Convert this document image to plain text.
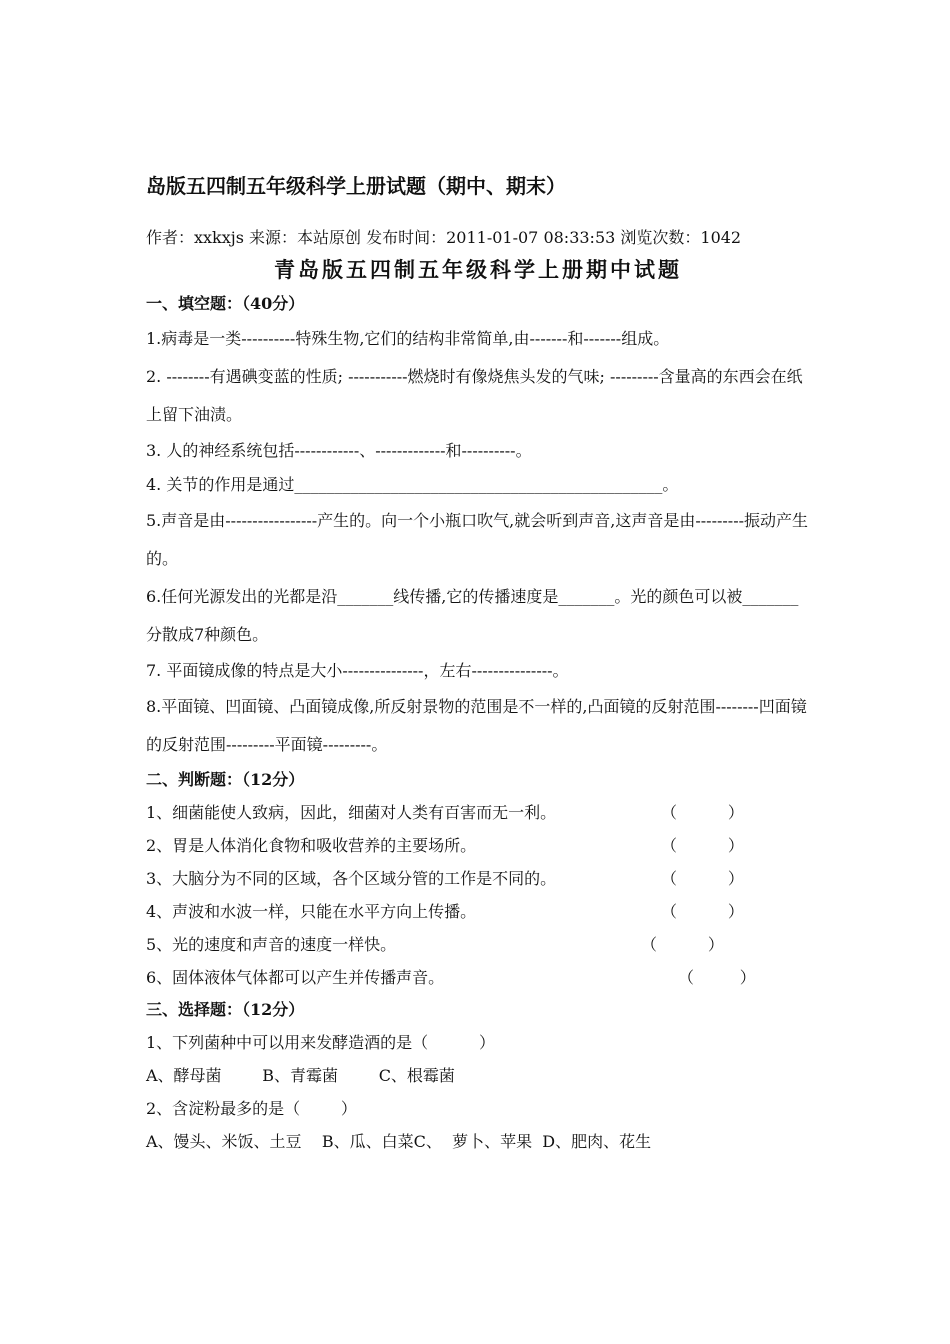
岛版五四制五年级科学上册试题（期中、期末）
作者：xxkxjs 来源：本站原创 发布时间：2011-01-07 08:33:53 浏览次数：1042
青岛版五四制五年级科学上册期中试题
一、填空题：（40分）
1.病毒是一类----------特殊生物,它们的结构非常简单,由-------和-------组成。
2. --------有遇碘变蓝的性质; -----------燃烧时有像烧焦头发的气味; ---------含量高的东西会在纸上留下油渍。
3. 人的神经系统包括------------、-------------和----------。
4. 关节的作用是通过______________________________________________。
5.声音是由-----------------产生的。向一个小瓶口吹气,就会听到声音,这声音是由---------振动产生的。
6.任何光源发出的光都是沿_______线传播,它的传播速度是_______。光的颜色可以被_______分散成7种颜色。
7. 平面镜成像的特点是大小---------------，左右---------------。
8.平面镜、凹面镜、凸面镜成像,所反射景物的范围是不一样的,凸面镜的反射范围--------凹面镜的反射范围---------平面镜---------。
二、判断题：（12分）
1、细菌能使人致病，因此，细菌对人类有百害而无一利。	（          ）
2、胃是人体消化食物和吸收营养的主要场所。	（          ）
3、大脑分为不同的区域，各个区域分管的工作是不同的。	（          ）
4、声波和水波一样，只能在水平方向上传播。	（          ）
5、光的速度和声音的速度一样快。	（          ）
6、固体液体气体都可以产生并传播声音。	（         ）
三、选择题：（12分）
1、下列菌种中可以用来发酵造酒的是（          ）
A、酵母菌        B、青霉菌        C、根霉菌
2、含淀粉最多的是（        ）
A、馒头、米饭、土豆    B、瓜、白菜C、  萝卜、苹果  D、肥肉、花生
